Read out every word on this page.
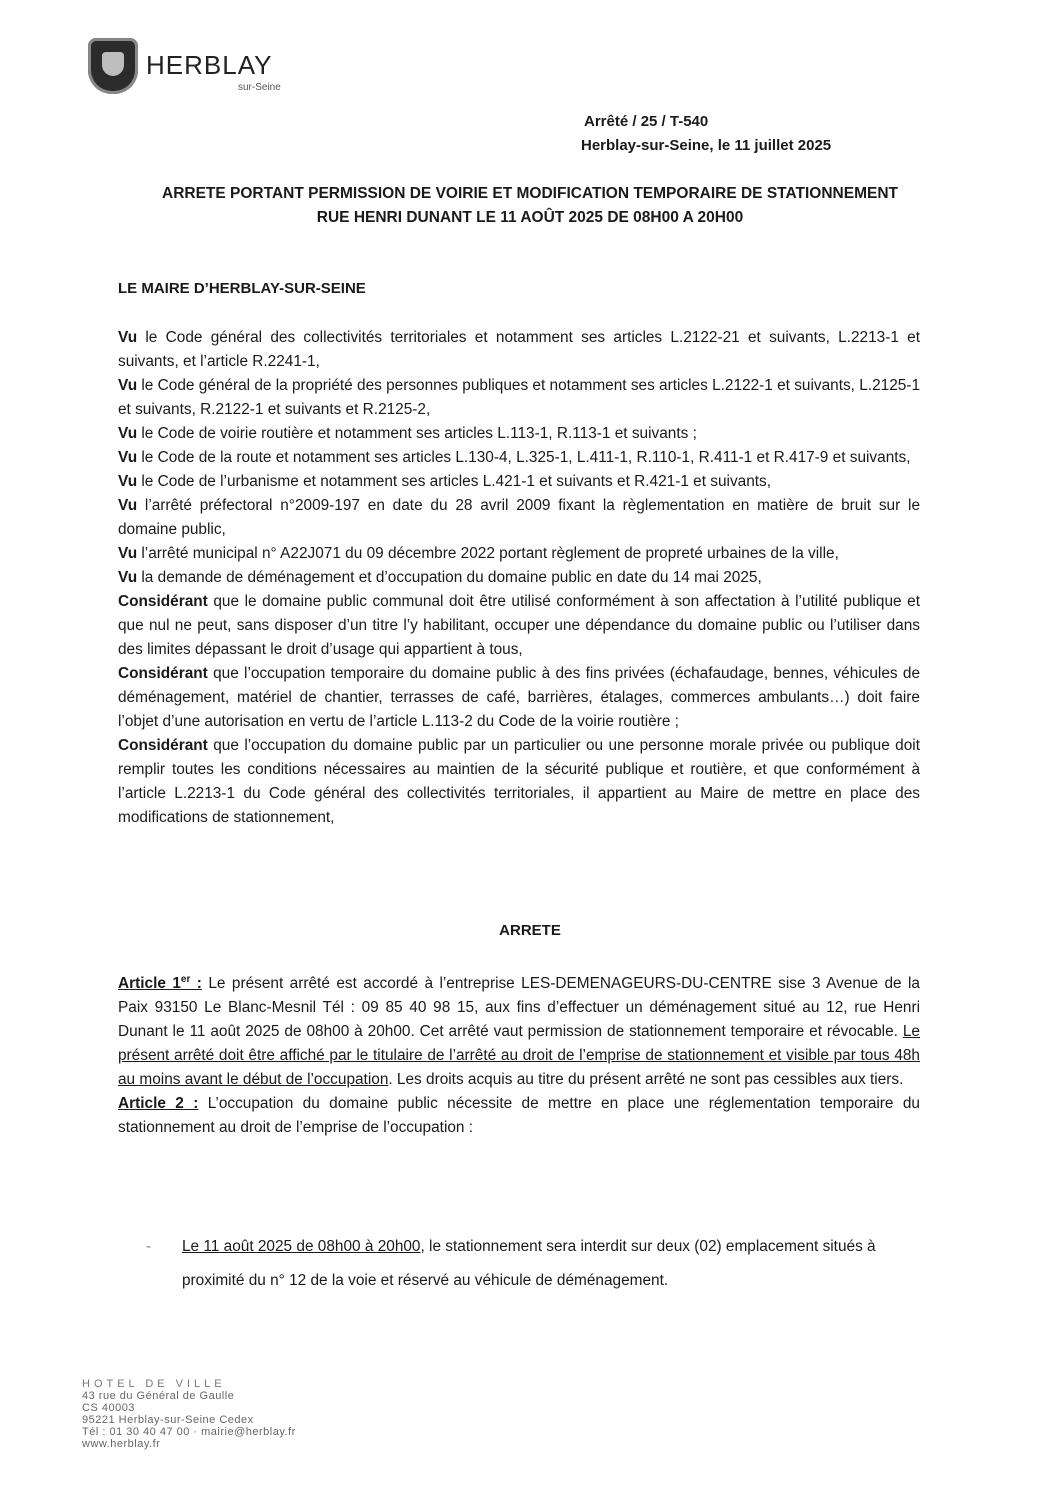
HERBLAY
sur-Seine
Arrêté / 25 / T-540
Herblay-sur-Seine, le 11 juillet 2025
ARRETE PORTANT PERMISSION DE VOIRIE ET MODIFICATION TEMPORAIRE DE STATIONNEMENT
RUE HENRI DUNANT LE 11 AOÛT 2025 DE 08H00 A 20H00
LE MAIRE D’HERBLAY-SUR-SEINE

Vu le Code général des collectivités territoriales et notamment ses articles L.2122-21 et suivants, L.2213-1 et suivants, et l’article R.2241-1,

Vu le Code général de la propriété des personnes publiques et notamment ses articles L.2122-1 et suivants, L.2125-1 et suivants, R.2122-1 et suivants et R.2125-2,

Vu le Code de voirie routière et notamment ses articles L.113-1, R.113-1 et suivants ;

Vu le Code de la route et notamment ses articles L.130-4, L.325-1, L.411-1, R.110-1, R.411-1 et R.417-9 et suivants,

Vu le Code de l’urbanisme et notamment ses articles L.421-1 et suivants et R.421-1 et suivants,

Vu l’arrêté préfectoral n°2009-197 en date du 28 avril 2009 fixant la règlementation en matière de bruit sur le domaine public,

Vu l’arrêté municipal n° A22J071 du 09 décembre 2022 portant règlement de propreté urbaines de la ville,

Vu la demande de déménagement et d’occupation du domaine public en date du 14 mai 2025,

Considérant que le domaine public communal doit être utilisé conformément à son affectation à l’utilité publique et que nul ne peut, sans disposer d’un titre l’y habilitant, occuper une dépendance du domaine public ou l’utiliser dans des limites dépassant le droit d’usage qui appartient à tous,

Considérant que l’occupation temporaire du domaine public à des fins privées (échafaudage, bennes, véhicules de déménagement, matériel de chantier, terrasses de café, barrières, étalages, commerces ambulants…) doit faire l’objet d’une autorisation en vertu de l’article L.113-2 du Code de la voirie routière ;

Considérant que l’occupation du domaine public par un particulier ou une personne morale privée ou publique doit remplir toutes les conditions nécessaires au maintien de la sécurité publique et routière, et que conformément à l’article L.2213-1 du Code général des collectivités territoriales, il appartient au Maire de mettre en place des modifications de stationnement,

ARRETE

Article 1er : Le présent arrêté est accordé à l’entreprise LES-DEMENAGEURS-DU-CENTRE sise 3 Avenue de la Paix 93150 Le Blanc-Mesnil Tél : 09 85 40 98 15, aux fins d’effectuer un déménagement situé au 12, rue Henri Dunant le 11 août 2025 de 08h00 à 20h00. Cet arrêté vaut permission de stationnement temporaire et révocable. Le présent arrêté doit être affiché par le titulaire de l’arrêté au droit de l’emprise de stationnement et visible par tous 48h au moins avant le début de l’occupation. Les droits acquis au titre du présent arrêté ne sont pas cessibles aux tiers.

Article 2 : L’occupation du domaine public nécessite de mettre en place une réglementation temporaire du stationnement au droit de l’emprise de l’occupation :

- Le 11 août 2025 de 08h00 à 20h00, le stationnement sera interdit sur deux (02) emplacement situés à proximité du n° 12 de la voie et réservé au véhicule de déménagement.
HOTEL DE VILLE
43 rue du Général de Gaulle
CS 40003
95221 Herblay-sur-Seine Cedex
Tél : 01 30 40 47 00 · mairie@herblay.fr
www.herblay.fr
